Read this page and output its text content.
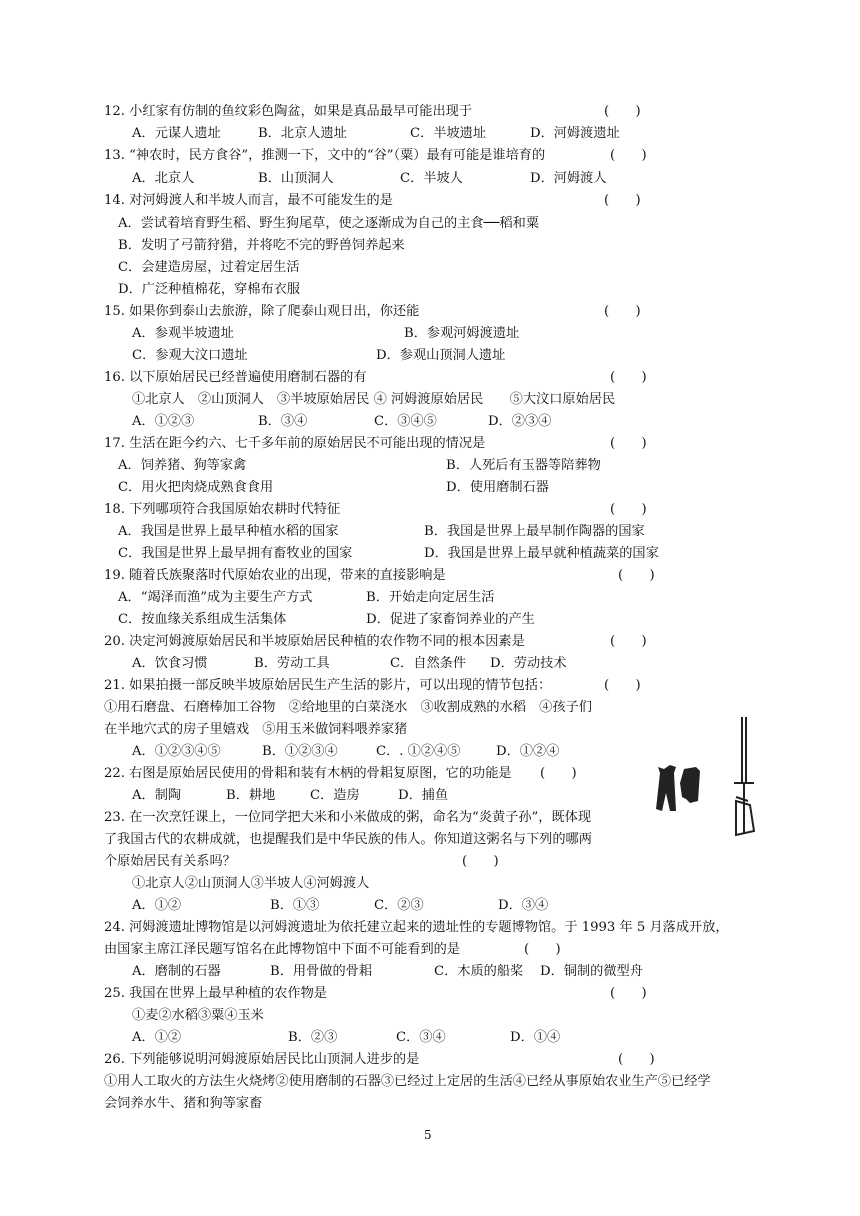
12. 小红家有仿制的鱼纹彩色陶盆，如果是真品最早可能出现于	(　　)
A．元谋人遗址	B．北京人遗址	C．半坡遗址	D．河姆渡遗址
13. “神农时，民方食谷”，推测一下，文中的“谷”（粟）最有可能是谁培育的	(　　)
A．北京人	B．山顶洞人	C．半坡人	D．河姆渡人
14. 对河姆渡人和半坡人而言，最不可能发生的是	(　　)
A．尝试着培育野生稻、野生狗尾草，使之逐渐成为自己的主食──稻和粟
B．发明了弓箭狩猎，并将吃不完的野兽饲养起来
C．会建造房屋，过着定居生活
D．广泛种植棉花，穿棉布衣服
15. 如果你到泰山去旅游，除了爬泰山观日出，你还能	(　　)
A．参观半坡遗址	B．参观河姆渡遗址
C．参观大汶口遗址	D．参观山顶洞人遗址
16. 以下原始居民已经普遍使用磨制石器的有	(　　)
①北京人　②山顶洞人　③半坡原始居民 ④ 河姆渡原始居民　　⑤大汶口原始居民
A．①②③	B．③④	C．③④⑤	D．②③④
17. 生活在距今约六、七千多年前的原始居民不可能出现的情况是	(　　)
A．饲养猪、狗等家禽	B．人死后有玉器等陪葬物
C．用火把肉烧成熟食食用	D．使用磨制石器
18. 下列哪项符合我国原始农耕时代特征	(　　)
A．我国是世界上最早种植水稻的国家	B．我国是世界上最早制作陶器的国家
C．我国是世界上最早拥有畜牧业的国家	D．我国是世界上最早就种植蔬菜的国家
19. 随着氏族聚落时代原始农业的出现，带来的直接影响是	(　　)
A．“竭泽而渔”成为主要生产方式	B．开始走向定居生活
C．按血缘关系组成生活集体	D．促进了家畜饲养业的产生
20. 决定河姆渡原始居民和半坡原始居民种植的农作物不同的根本因素是	(　　)
A．饮食习惯	B．劳动工具	C．自然条件 D．劳动技术
21. 如果拍摄一部反映半坡原始居民生产生活的影片，可以出现的情节包括：	(　　)
①用石磨盘、石磨棒加工谷物　②给地里的白菜浇水　③收割成熟的水稻　④孩子们
在半地穴式的房子里嬉戏　⑤用玉米做饲料喂养家猪
A．①②③④⑤	B．①②③④	C．. ①②④⑤	D．①②④
22. 右图是原始居民使用的骨耜和装有木柄的骨耜复原图，它的功能是 (　　)
A．制陶	B．耕地	C．造房	D．捕鱼
23. 在一次烹饪课上，一位同学把大米和小米做成的粥，命名为“炎黄子孙”，既体现
了我国古代的农耕成就，也提醒我们是中华民族的伟人。你知道这粥名与下列的哪两
个原始居民有关系吗？	(　　)
①北京人②山顶洞人③半坡人④河姆渡人
A．①②	B．①③	C．②③	D．③④
24. 河姆渡遗址博物馆是以河姆渡遗址为依托建立起来的遗址性的专题博物馆。于 1993 年 5 月落成开放，
由国家主席江泽民题写馆名在此博物馆中下面不可能看到的是	(　　)
A．磨制的石器	B．用骨做的骨耜	C．木质的船桨 D．铜制的微型舟
25. 我国在世界上最早种植的农作物是	(　　)
①麦②水稻③粟④玉米
A．①②	B．②③	C．③④	D．①④
26. 下列能够说明河姆渡原始居民比山顶洞人进步的是	(　　)
①用人工取火的方法生火烧烤②使用磨制的石器③已经过上定居的生活④已经从事原始农业生产⑤已经学
会饲养水牛、猪和狗等家畜
5
